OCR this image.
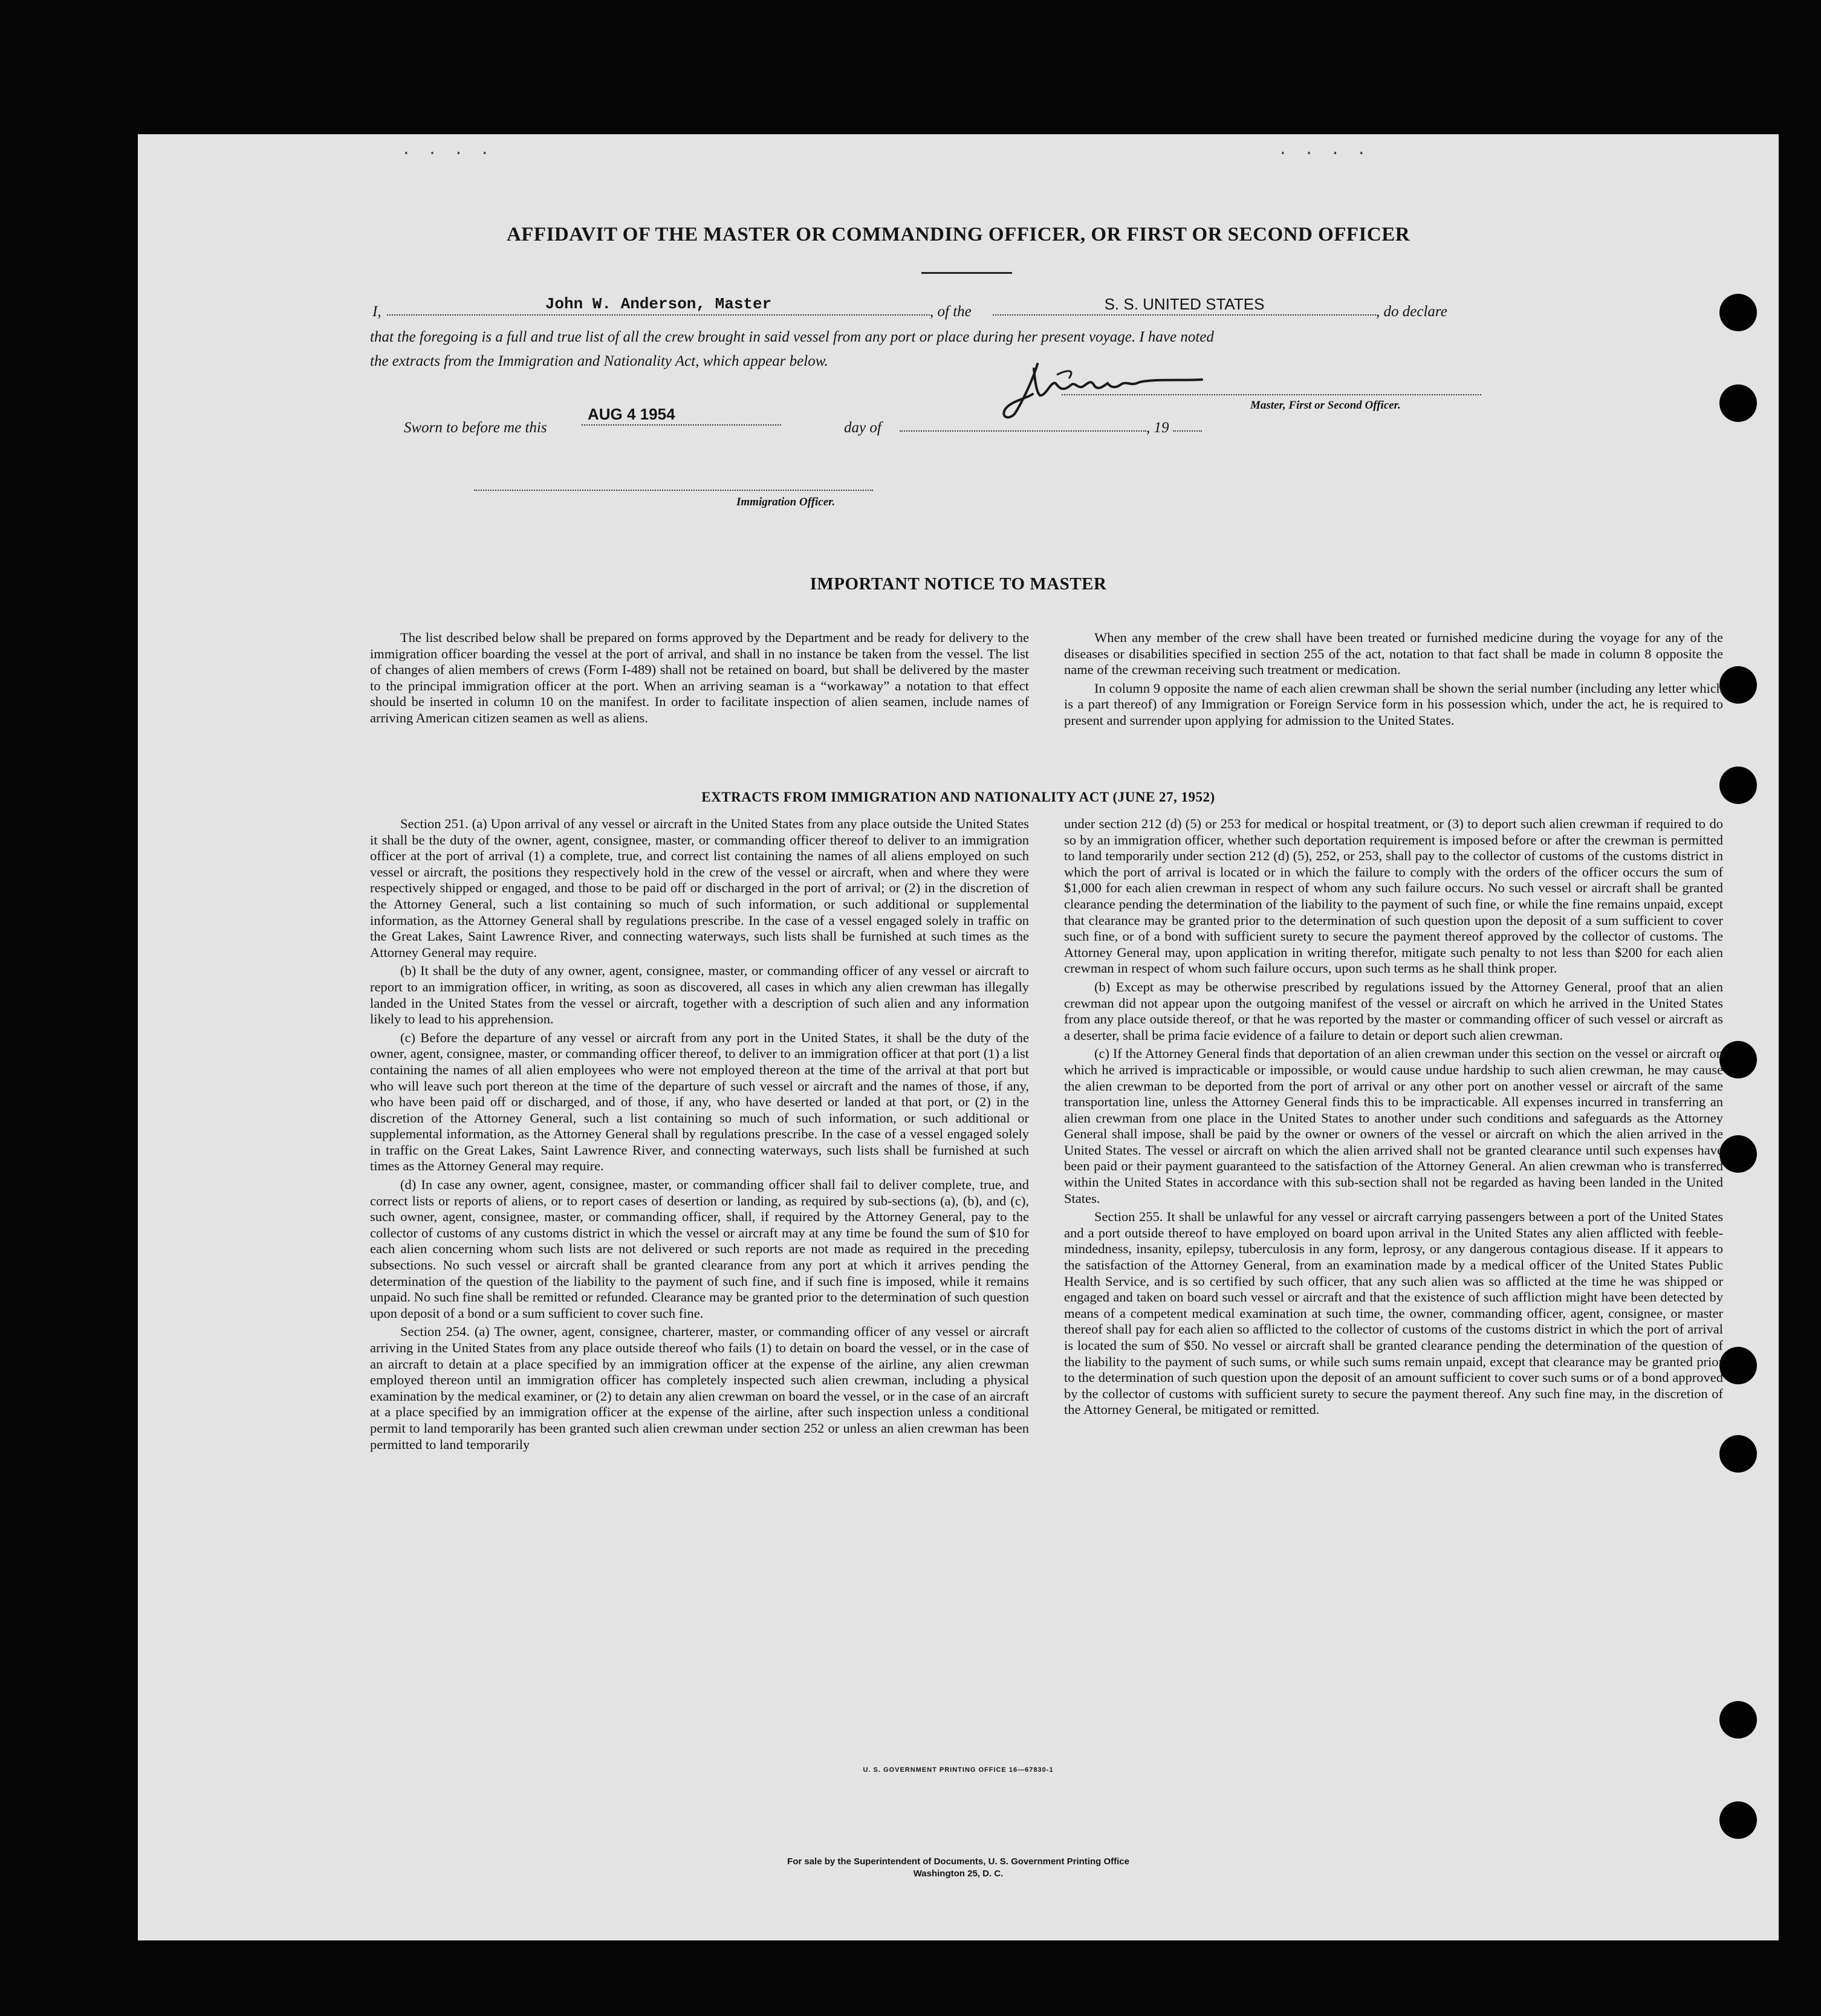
. . . .	. . . .
AFFIDAVIT OF THE MASTER OR COMMANDING OFFICER, OR FIRST OR SECOND OFFICER
I,	John W. Anderson, Master	, of the	S. S. UNITED STATES	, do declare
that the foregoing is a full and true list of all the crew brought in said vessel from any port or place during her present voyage. I have noted
the extracts from the Immigration and Nationality Act, which appear below.
Master, First or Second Officer.
Sworn to before me this
AUG 4 1954
day of	, 19
Immigration Officer.
IMPORTANT NOTICE TO MASTER

The list described below shall be prepared on forms approved by the Department and be ready for delivery to the immigration officer boarding the vessel at the port of arrival, and shall in no instance be taken from the vessel. The list of changes of alien members of crews (Form I-489) shall not be retained on board, but shall be delivered by the master to the principal immigration officer at the port. When an arriving seaman is a “workaway” a notation to that effect should be inserted in column 10 on the manifest. In order to facilitate inspection of alien seamen, include names of arriving American citizen seamen as well as aliens.

When any member of the crew shall have been treated or furnished medicine during the voyage for any of the diseases or disabilities specified in section 255 of the act, notation to that fact shall be made in column 8 opposite the name of the crewman receiving such treatment or medication.

In column 9 opposite the name of each alien crewman shall be shown the serial number (including any letter which is a part thereof) of any Immigration or Foreign Service form in his possession which, under the act, he is required to present and surrender upon applying for admission to the United States.

EXTRACTS FROM IMMIGRATION AND NATIONALITY ACT (JUNE 27, 1952)

Section 251. (a) Upon arrival of any vessel or aircraft in the United States from any place outside the United States it shall be the duty of the owner, agent, consignee, master, or commanding officer thereof to deliver to an immigration officer at the port of arrival (1) a complete, true, and correct list containing the names of all aliens employed on such vessel or aircraft, the positions they respectively hold in the crew of the vessel or aircraft, when and where they were respectively shipped or engaged, and those to be paid off or discharged in the port of arrival; or (2) in the discretion of the Attorney General, such a list containing so much of such information, or such additional or supplemental information, as the Attorney General shall by regulations prescribe. In the case of a vessel engaged solely in traffic on the Great Lakes, Saint Lawrence River, and connecting waterways, such lists shall be furnished at such times as the Attorney General may require.

(b) It shall be the duty of any owner, agent, consignee, master, or commanding officer of any vessel or aircraft to report to an immigration officer, in writing, as soon as discovered, all cases in which any alien crewman has illegally landed in the United States from the vessel or aircraft, together with a description of such alien and any information likely to lead to his apprehension.

(c) Before the departure of any vessel or aircraft from any port in the United States, it shall be the duty of the owner, agent, consignee, master, or commanding officer thereof, to deliver to an immigration officer at that port (1) a list containing the names of all alien employees who were not employed thereon at the time of the arrival at that port but who will leave such port thereon at the time of the departure of such vessel or aircraft and the names of those, if any, who have been paid off or discharged, and of those, if any, who have deserted or landed at that port, or (2) in the discretion of the Attorney General, such a list containing so much of such information, or such additional or supplemental information, as the Attorney General shall by regulations prescribe. In the case of a vessel engaged solely in traffic on the Great Lakes, Saint Lawrence River, and connecting waterways, such lists shall be furnished at such times as the Attorney General may require.

(d) In case any owner, agent, consignee, master, or commanding officer shall fail to deliver complete, true, and correct lists or reports of aliens, or to report cases of desertion or landing, as required by sub-sections (a), (b), and (c), such owner, agent, consignee, master, or commanding officer, shall, if required by the Attorney General, pay to the collector of customs of any customs district in which the vessel or aircraft may at any time be found the sum of $10 for each alien concerning whom such lists are not delivered or such reports are not made as required in the preceding subsections. No such vessel or aircraft shall be granted clearance from any port at which it arrives pending the determination of the question of the liability to the payment of such fine, and if such fine is imposed, while it remains unpaid. No such fine shall be remitted or refunded. Clearance may be granted prior to the determination of such question upon deposit of a bond or a sum sufficient to cover such fine.

Section 254. (a) The owner, agent, consignee, charterer, master, or commanding officer of any vessel or aircraft arriving in the United States from any place outside thereof who fails (1) to detain on board the vessel, or in the case of an aircraft to detain at a place specified by an immigration officer at the expense of the airline, any alien crewman employed thereon until an immigration officer has completely inspected such alien crewman, including a physical examination by the medical examiner, or (2) to detain any alien crewman on board the vessel, or in the case of an aircraft at a place specified by an immigration officer at the expense of the airline, after such inspection unless a conditional permit to land temporarily has been granted such alien crewman under section 252 or unless an alien crewman has been permitted to land temporarily

under section 212 (d) (5) or 253 for medical or hospital treatment, or (3) to deport such alien crewman if required to do so by an immigration officer, whether such deportation requirement is imposed before or after the crewman is permitted to land temporarily under section 212 (d) (5), 252, or 253, shall pay to the collector of customs of the customs district in which the port of arrival is located or in which the failure to comply with the orders of the officer occurs the sum of $1,000 for each alien crewman in respect of whom any such failure occurs. No such vessel or aircraft shall be granted clearance pending the determination of the liability to the payment of such fine, or while the fine remains unpaid, except that clearance may be granted prior to the determination of such question upon the deposit of a sum sufficient to cover such fine, or of a bond with sufficient surety to secure the payment thereof approved by the collector of customs. The Attorney General may, upon application in writing therefor, mitigate such penalty to not less than $200 for each alien crewman in respect of whom such failure occurs, upon such terms as he shall think proper.

(b) Except as may be otherwise prescribed by regulations issued by the Attorney General, proof that an alien crewman did not appear upon the outgoing manifest of the vessel or aircraft on which he arrived in the United States from any place outside thereof, or that he was reported by the master or commanding officer of such vessel or aircraft as a deserter, shall be prima facie evidence of a failure to detain or deport such alien crewman.

(c) If the Attorney General finds that deportation of an alien crewman under this section on the vessel or aircraft on which he arrived is impracticable or impossible, or would cause undue hardship to such alien crewman, he may cause the alien crewman to be deported from the port of arrival or any other port on another vessel or aircraft of the same transportation line, unless the Attorney General finds this to be impracticable. All expenses incurred in transferring an alien crewman from one place in the United States to another under such conditions and safeguards as the Attorney General shall impose, shall be paid by the owner or owners of the vessel or aircraft on which the alien arrived in the United States. The vessel or aircraft on which the alien arrived shall not be granted clearance until such expenses have been paid or their payment guaranteed to the satisfaction of the Attorney General. An alien crewman who is transferred within the United States in accordance with this sub-section shall not be regarded as having been landed in the United States.

Section 255. It shall be unlawful for any vessel or aircraft carrying passengers between a port of the United States and a port outside thereof to have employed on board upon arrival in the United States any alien afflicted with feeble-mindedness, insanity, epilepsy, tuberculosis in any form, leprosy, or any dangerous contagious disease. If it appears to the satisfaction of the Attorney General, from an examination made by a medical officer of the United States Public Health Service, and is so certified by such officer, that any such alien was so afflicted at the time he was shipped or engaged and taken on board such vessel or aircraft and that the existence of such affliction might have been detected by means of a competent medical examination at such time, the owner, commanding officer, agent, consignee, or master thereof shall pay for each alien so afflicted to the collector of customs of the customs district in which the port of arrival is located the sum of $50. No vessel or aircraft shall be granted clearance pending the determination of the question of the liability to the payment of such sums, or while such sums remain unpaid, except that clearance may be granted prior to the determination of such question upon the deposit of an amount sufficient to cover such sums or of a bond approved by the collector of customs with sufficient surety to secure the payment thereof. Any such fine may, in the discretion of the Attorney General, be mitigated or remitted.

U. S. GOVERNMENT PRINTING OFFICE 16—67830-1
For sale by the Superintendent of Documents, U. S. Government Printing Office
Washington 25, D. C.
